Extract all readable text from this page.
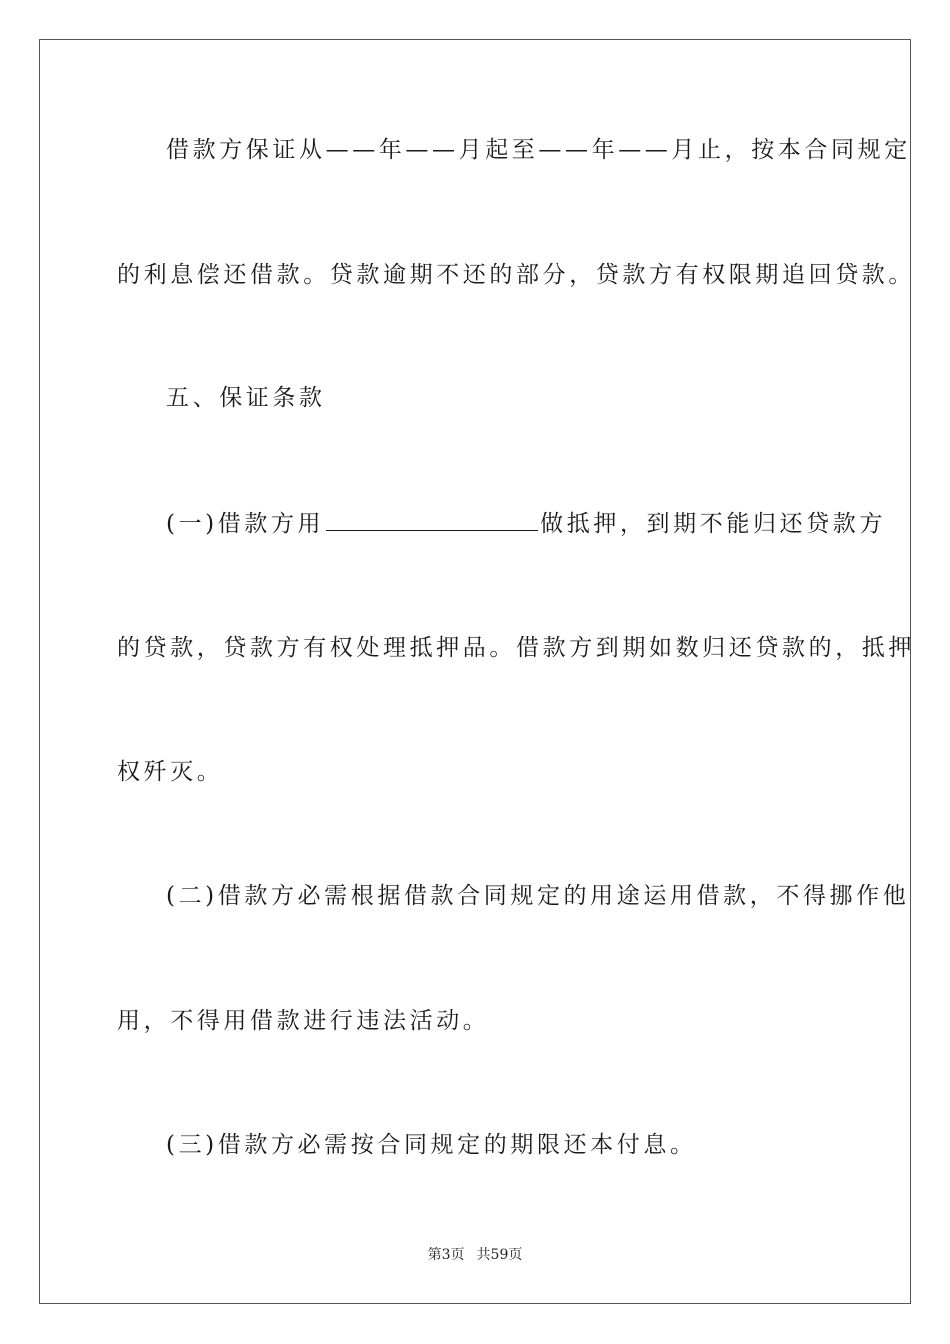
借款方保证从——年——月起至——年——月止，按本合同规定
的利息偿还借款。贷款逾期不还的部分，贷款方有权限期追回贷款。
五、保证条款
(一)借款方用	做抵押，到期不能归还贷款方
的贷款，贷款方有权处理抵押品。借款方到期如数归还贷款的，抵押
权歼灭。
(二)借款方必需根据借款合同规定的用途运用借款，不得挪作他
用，不得用借款进行违法活动。
(三)借款方必需按合同规定的期限还本付息。
第3页 共59页
